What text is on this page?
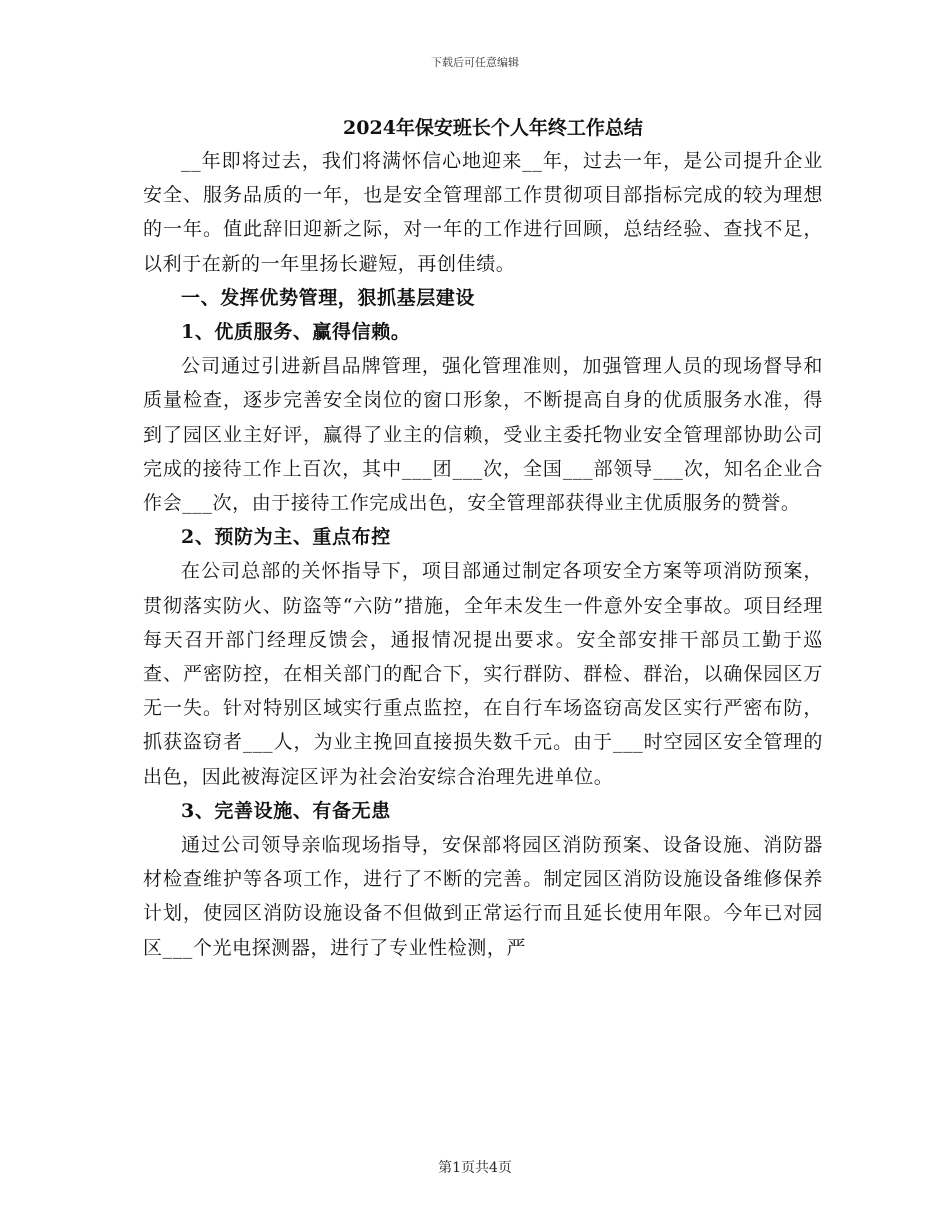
下载后可任意编辑

2024年保安班长个人年终工作总结

__年即将过去，我们将满怀信心地迎来__年，过去一年，是公司提升企业安全、服务品质的一年，也是安全管理部工作贯彻项目部指标完成的较为理想的一年。值此辞旧迎新之际，对一年的工作进行回顾，总结经验、查找不足，以利于在新的一年里扬长避短，再创佳绩。

一、发挥优势管理，狠抓基层建设

1、优质服务、赢得信赖。

公司通过引进新昌品牌管理，强化管理准则，加强管理人员的现场督导和质量检查，逐步完善安全岗位的窗口形象，不断提高自身的优质服务水准，得到了园区业主好评，赢得了业主的信赖，受业主委托物业安全管理部协助公司完成的接待工作上百次，其中___团___次，全国___部领导___次，知名企业合作会___次，由于接待工作完成出色，安全管理部获得业主优质服务的赞誉。

2、预防为主、重点布控

在公司总部的关怀指导下，项目部通过制定各项安全方案等项消防预案，贯彻落实防火、防盗等“六防”措施，全年未发生一件意外安全事故。项目经理每天召开部门经理反馈会，通报情况提出要求。安全部安排干部员工勤于巡查、严密防控，在相关部门的配合下，实行群防、群检、群治，以确保园区万无一失。针对特别区域实行重点监控，在自行车场盗窃高发区实行严密布防，抓获盗窃者___人，为业主挽回直接损失数千元。由于___时空园区安全管理的出色，因此被海淀区评为社会治安综合治理先进单位。

3、完善设施、有备无患

通过公司领导亲临现场指导，安保部将园区消防预案、设备设施、消防器材检查维护等各项工作，进行了不断的完善。制定园区消防设施设备维修保养计划，使园区消防设施设备不但做到正常运行而且延长使用年限。今年已对园区___个光电探测器，进行了专业性检测，严

第1页共4页
